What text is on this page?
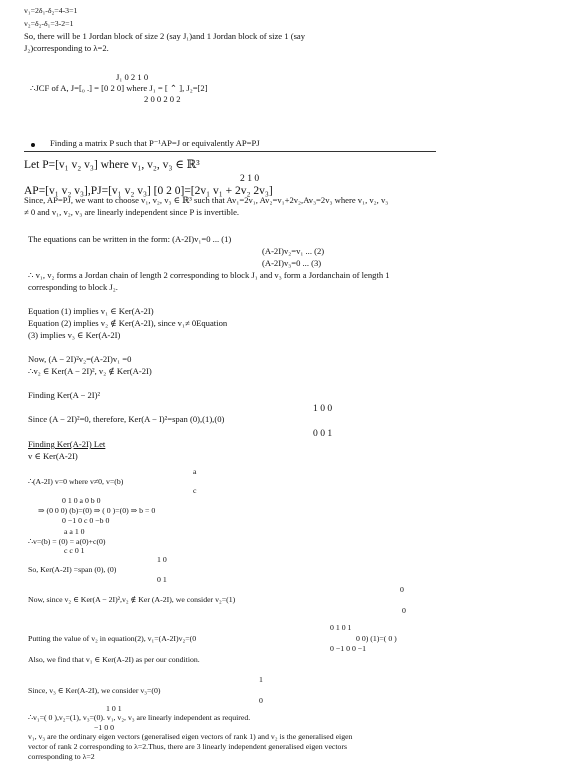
v₁=2δ₁-δ₂=4-3=1
v₂=δ₂-δ₁=3-2=1
So, there will be 1 Jordan block of size 2 (say J₁)and 1 Jordan block of size 1 (say
J₂)corresponding to λ=2.
J₁ 0 2 1 0
∴JCF of A, J=[₀ .] = [0 2 0] where J₁ = [ ⌃ ], J₂=[2]
2 0 0 2 0 2
Finding a matrix P such that P⁻¹AP=J or equivalently AP=PJ
Let P=[v₁ v₂ v₃] where v₁, v₂, v₃ ∈ ℝ³
2 1 0
AP=[v₁ v₂ v₃],PJ=[v₁ v₂ v₃] [0 2 0]=[2v₁ v₁ + 2v₂ 2v₃]
Since, AP=PJ, we want to choose v₁, v₂, v₃ ∈ ℝ³ such that Av₁=2v₁, Av₂=v₁+2v₂,Av₃=2v₃ where v₁, v₂, v₃
≠ 0 and v₁, v₂, v₃ are linearly independent since P is invertible.
The equations can be written in the form: (A-2I)v₁=0 ... (1)
(A-2I)v₂=v₁ ... (2)
(A-2I)v₃=0 ... (3)
∴ v₁, v₂ forms a Jordan chain of length 2 corresponding to block J₁ and v₃ form a Jordanchain of length 1
corresponding to block J₂.
Equation (1) implies v₁ ∈ Ker(A-2I)
Equation (2) implies v₂ ∉ Ker(A-2I), since v₁≠ 0Equation
(3) implies v₃ ∈ Ker(A-2I)
Now, (A − 2I)²v₂=(A-2I)v₁ =0
∴v₂ ∈ Ker(A − 2I)², v₂ ∉ Ker(A-2I)
Finding Ker(A − 2I)²
1 0 0
Since (A − 2I)²=0, therefore, Ker(A − I)²=span (0),(1),(0)
0 0 1
Finding Ker(A-2I) Let
v ∈ Ker(A-2I)
a
∴(A-2I) v=0 where v≠0, v=(b)
c
0 1 0 a 0 b 0
⇒ (0 0 0) (b)=(0) ⇒ ( 0 )=(0) ⇒ b = 0
0 −1 0 c 0 −b 0
a a 1 0
∴v=(b) = (0) = a(0)+c(0)
c c 0 1
1 0
So, Ker(A-2I) =span (0), (0)
0 1
0
Now, since v₂ ∈ Ker(A − 2I)²,v₂ ∉ Ker (A-2I), we consider v₂=(1)
0
0 1 0 1
Putting the value of v₂ in equation(2), v₁=(A-2I)v₂=(0	0 0) (1)=( 0 )
0 −1 0 0 −1
Also, we find that v₁ ∈ Ker(A-2I) as per our condition.
1
Since, v₃ ∈ Ker(A-2I), we consider v₃=(0)
0
1 0 1
∴v₁=( 0 ),v₂=(1), v₃=(0). v₁, v₂, v₃ are linearly independent as required.
−1 0 0
v₁, v₃ are the ordinary eigen vectors (generalised eigen vectors of rank 1) and v₂ is the generalised eigen
vector of rank 2 corresponding to λ=2.Thus, there are 3 linearly independent generalised eigen vectors
corresponding to λ=2
